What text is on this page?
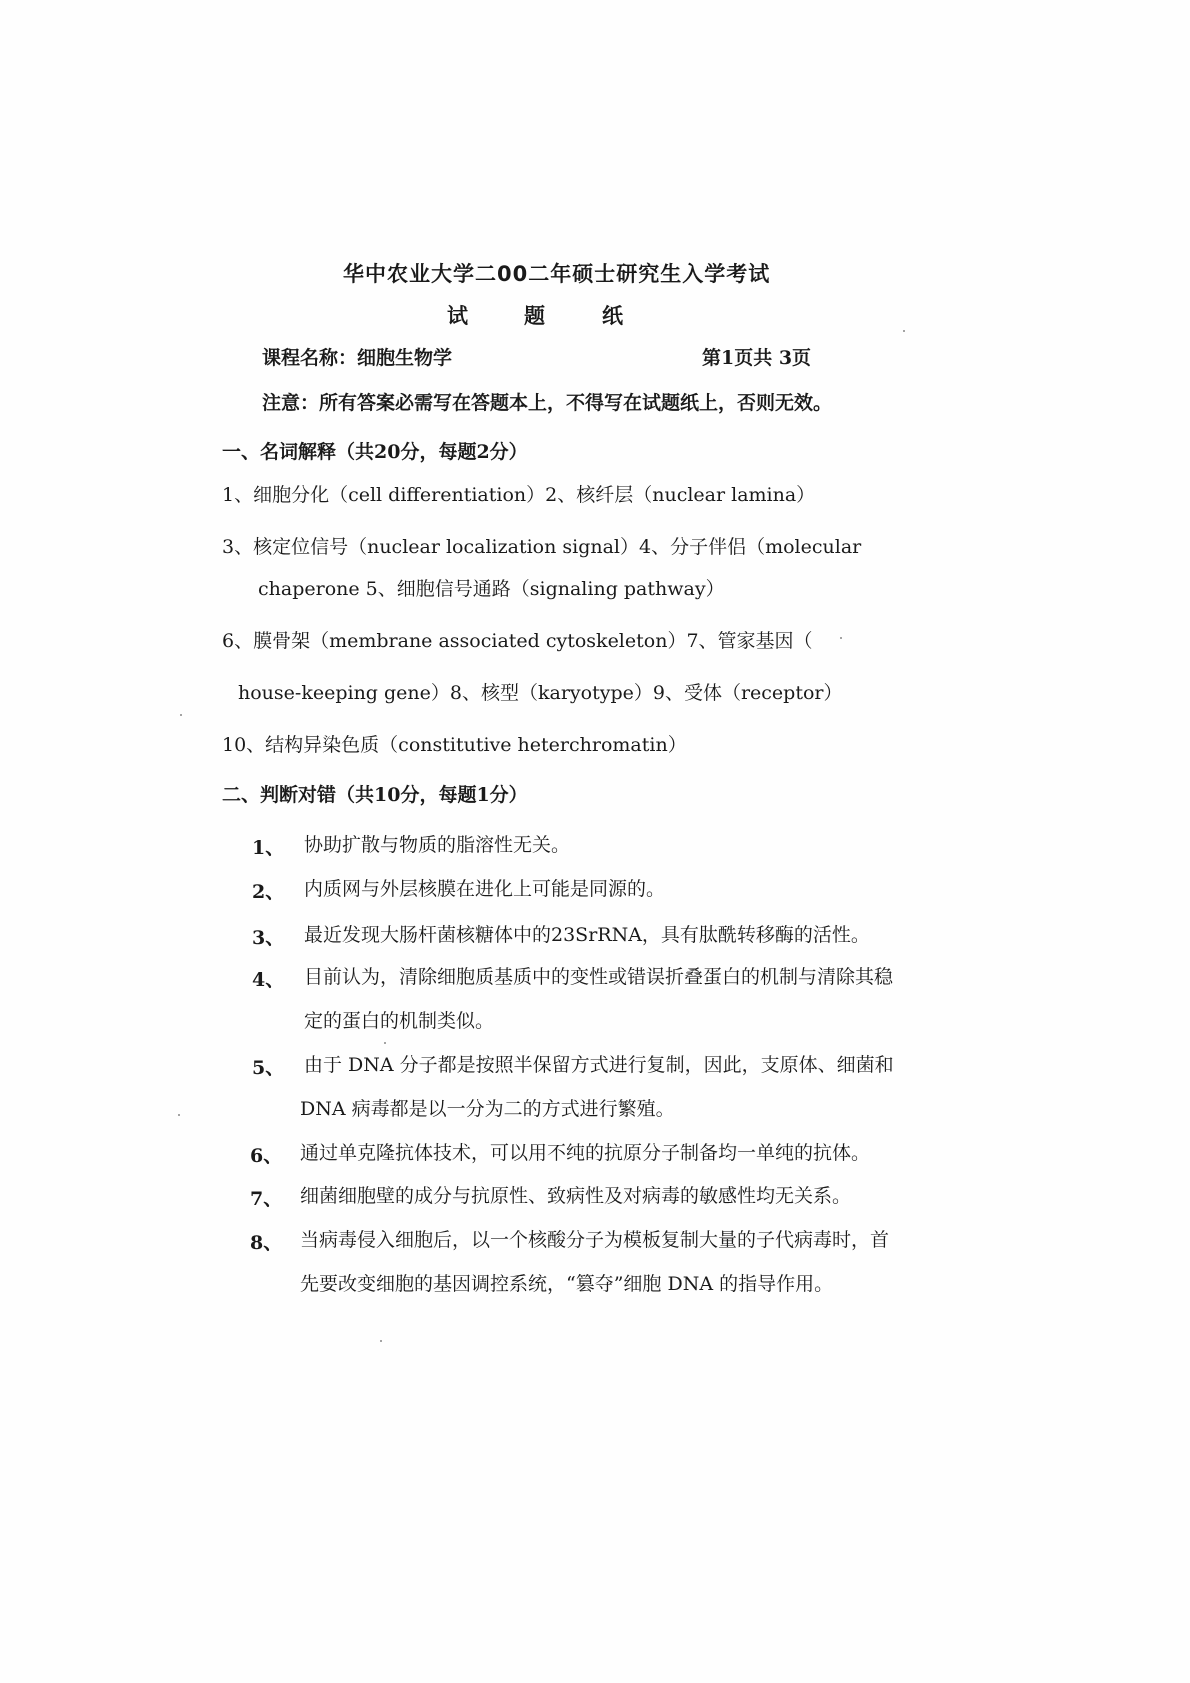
华中农业大学二00二年硕士研究生入学考试
试	题	纸
课程名称：细胞生物学	第1页共 3页
注意：所有答案必需写在答题本上，不得写在试题纸上，否则无效。
一、名词解释（共20分，每题2分）
1、细胞分化（cell differentiation）2、核纤层（nuclear lamina）
3、核定位信号（nuclear localization signal）4、分子伴侣（molecular
chaperone 5、细胞信号通路（signaling pathway）
6、膜骨架（membrane associated cytoskeleton）7、管家基因（
house-keeping gene）8、核型（karyotype）9、受体（receptor）
10、结构异染色质（constitutive heterchromatin）
二、判断对错（共10分，每题1分）
1、 协助扩散与物质的脂溶性无关。
2、 内质网与外层核膜在进化上可能是同源的。
3、 最近发现大肠杆菌核糖体中的23SrRNA，具有肽酰转移酶的活性。
4、 目前认为，清除细胞质基质中的变性或错误折叠蛋白的机制与清除其稳
定的蛋白的机制类似。
5、 由于 DNA 分子都是按照半保留方式进行复制，因此，支原体、细菌和
DNA 病毒都是以一分为二的方式进行繁殖。
6、 通过单克隆抗体技术，可以用不纯的抗原分子制备均一单纯的抗体。
7、 细菌细胞壁的成分与抗原性、致病性及对病毒的敏感性均无关系。
8、 当病毒侵入细胞后，以一个核酸分子为模板复制大量的子代病毒时，首
先要改变细胞的基因调控系统，“篡夺”细胞 DNA 的指导作用。
